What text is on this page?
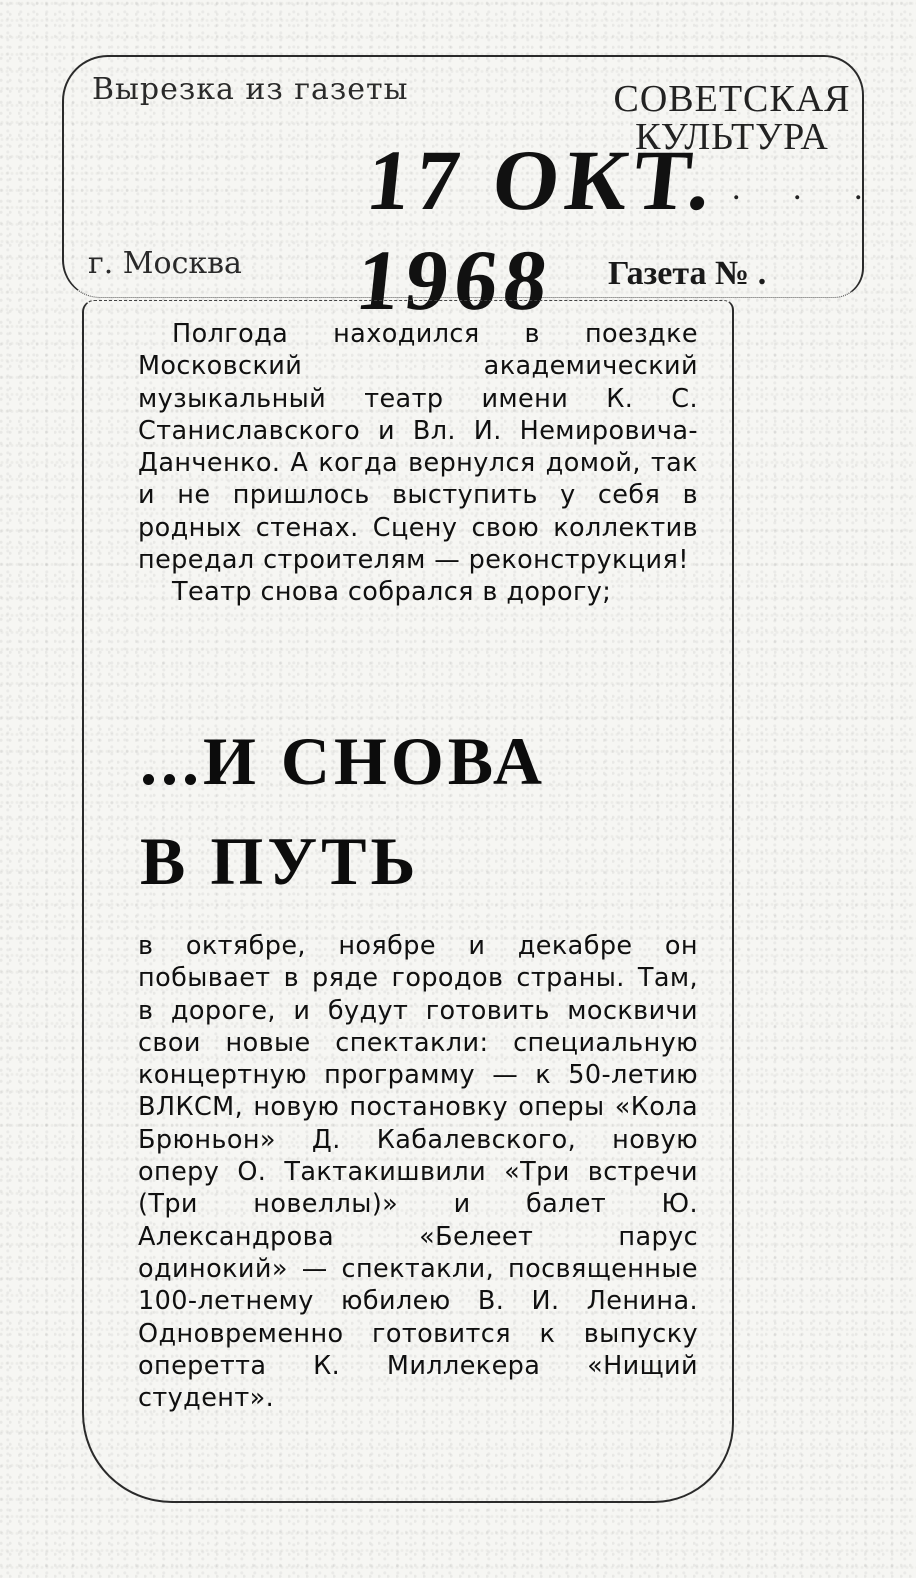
Вырезка из газеты	СОВЕТСКАЯ
КУЛЬТУРА
17 ОКТ. 1968
. . .
г. Москва	Газета № .

Полгода находился в поездке Московский академический музыкальный театр имени К. С. Станиславского и Вл. И. Немировича-Данченко. А когда вернулся домой, так и не пришлось выступить у себя в родных стенах. Сцену свою коллектив передал строителям — реконструкция!

Театр снова собрался в дорогу;

...И СНОВА
В ПУТЬ

в октябре, ноябре и декабре он побывает в ряде городов страны. Там, в дороге, и будут готовить москвичи свои новые спектакли: специальную концертную программу — к 50-летию ВЛКСМ, новую постановку оперы «Кола Брюньон» Д. Кабалевского, новую оперу О. Тактакишвили «Три встречи (Три новеллы)» и балет Ю. Александрова «Белеет парус одинокий» — спектакли, посвященные 100-летнему юбилею В. И. Ленина. Одновременно готовится к выпуску оперетта К. Миллекера «Нищий студент».
